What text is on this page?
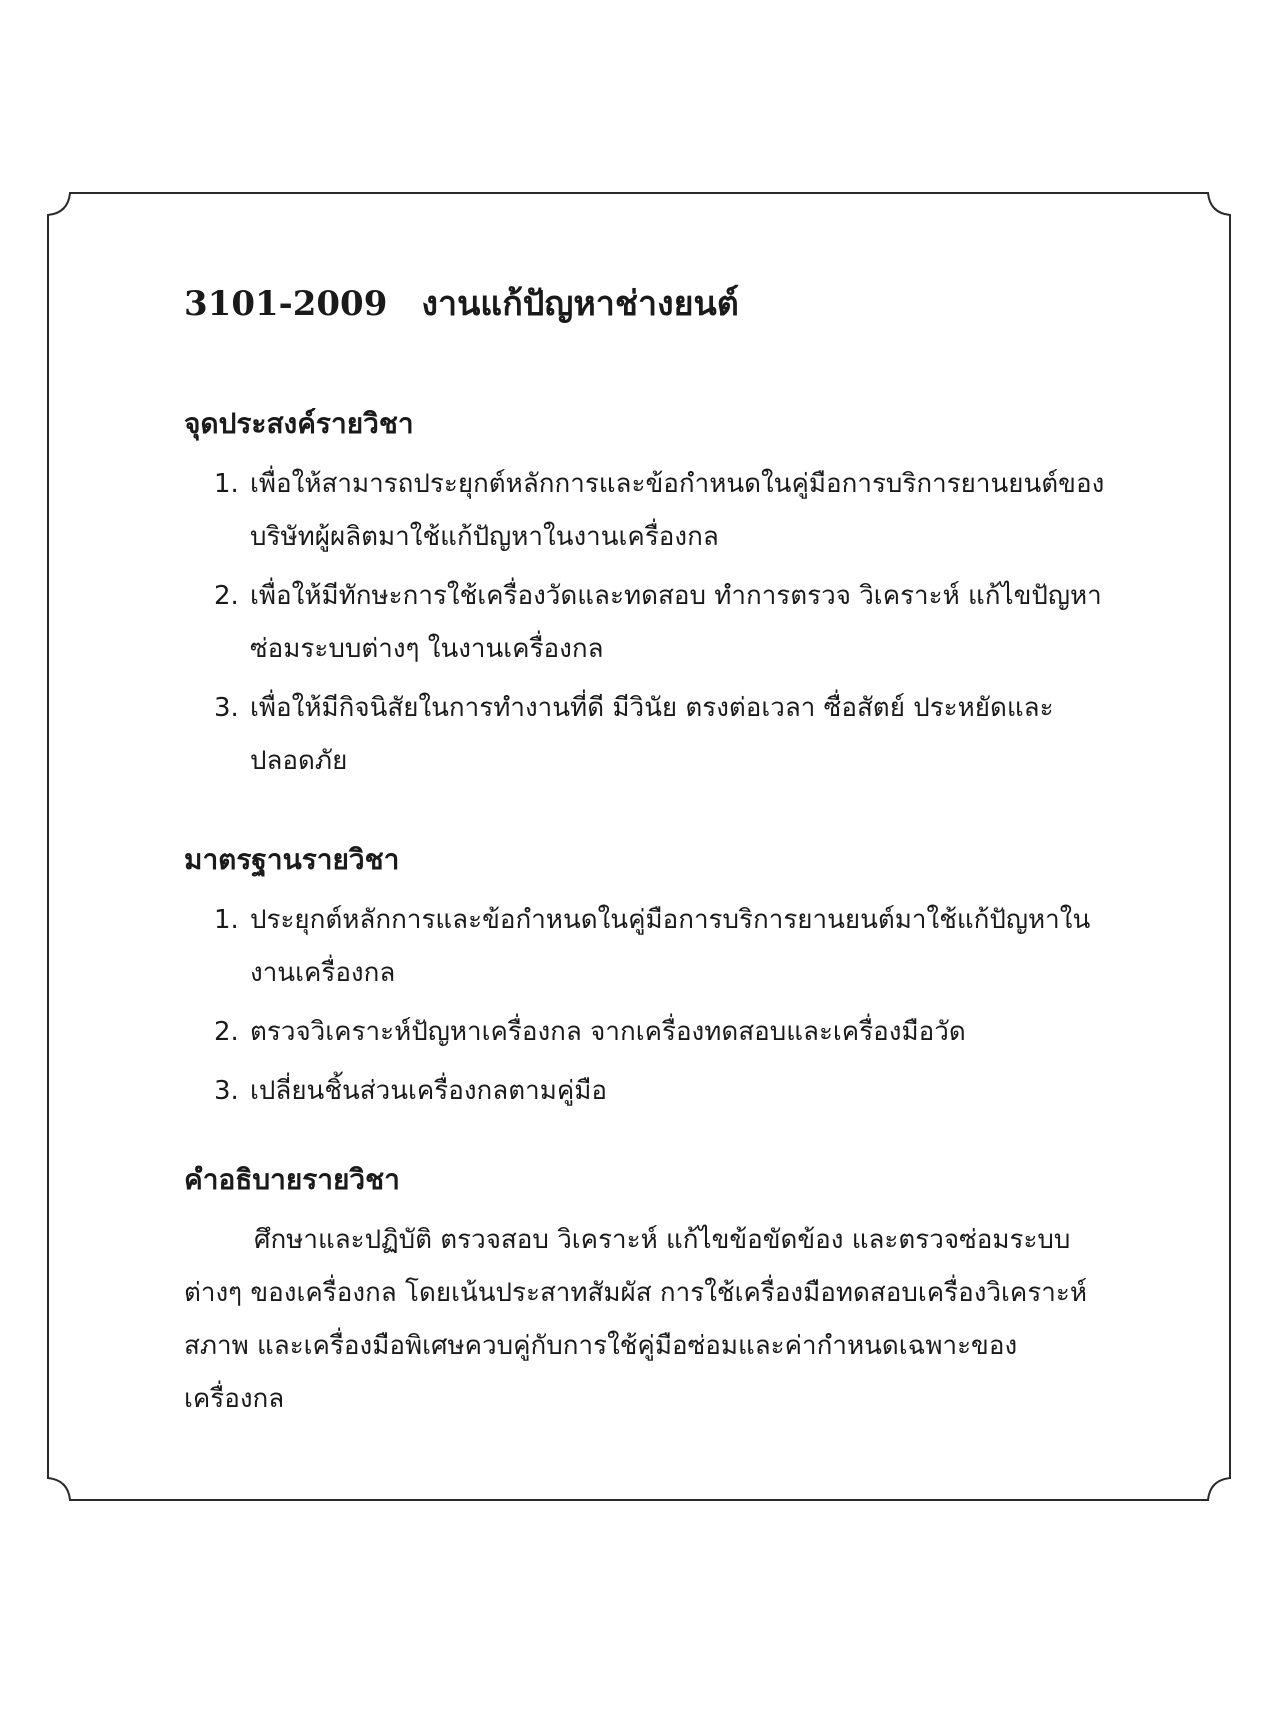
3101-2009 งานแก้ปัญหาช่างยนต์
จุดประสงค์รายวิชา
1. เพื่อให้สามารถประยุกต์หลักการและข้อกำหนดในคู่มือการบริการยานยนต์ของบริษัทผู้ผลิตมาใช้แก้ปัญหาในงานเครื่องกล
2. เพื่อให้มีทักษะการใช้เครื่องวัดและทดสอบ ทำการตรวจ วิเคราะห์ แก้ไขปัญหา ซ่อมระบบต่างๆ ในงานเครื่องกล
3. เพื่อให้มีกิจนิสัยในการทำงานที่ดี มีวินัย ตรงต่อเวลา ซื่อสัตย์ ประหยัดและปลอดภัย
มาตรฐานรายวิชา
1. ประยุกต์หลักการและข้อกำหนดในคู่มือการบริการยานยนต์มาใช้แก้ปัญหาในงานเครื่องกล
2. ตรวจวิเคราะห์ปัญหาเครื่องกล จากเครื่องทดสอบและเครื่องมือวัด
3. เปลี่ยนชิ้นส่วนเครื่องกลตามคู่มือ
คำอธิบายรายวิชา

ศึกษาและปฏิบัติ ตรวจสอบ วิเคราะห์ แก้ไขข้อขัดข้อง และตรวจซ่อมระบบต่างๆ ของเครื่องกล โดยเน้นประสาทสัมผัส การใช้เครื่องมือทดสอบเครื่องวิเคราะห์สภาพ และเครื่องมือพิเศษควบคู่กับการใช้คู่มือซ่อมและค่ากำหนดเฉพาะของเครื่องกล
